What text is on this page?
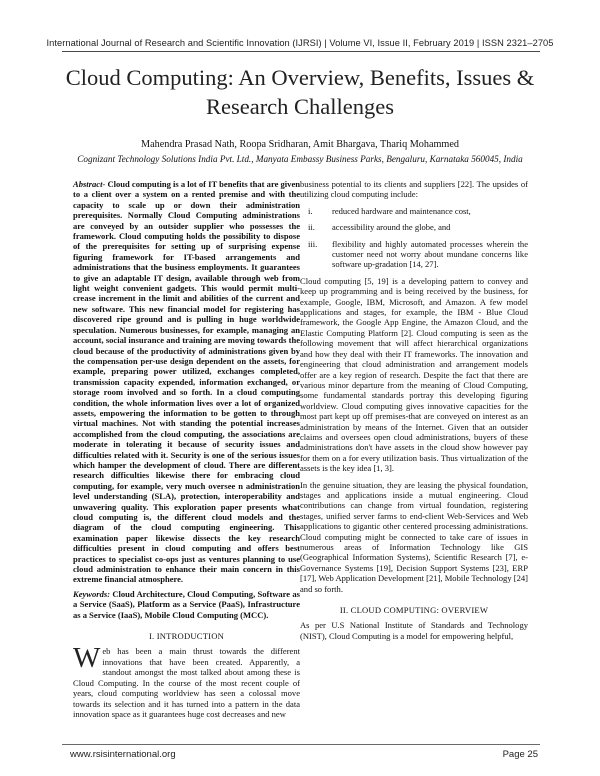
International Journal of Research and Scientific Innovation (IJRSI) | Volume VI, Issue II, February 2019 | ISSN 2321–2705
Cloud Computing: An Overview, Benefits, Issues &
Research Challenges
Mahendra Prasad Nath, Roopa Sridharan, Amit Bhargava, Thariq Mohammed
Cognizant Technology Solutions India Pvt. Ltd., Manyata Embassy Business Parks, Bengaluru, Karnataka 560045, India

Abstract- Cloud computing is a lot of IT benefits that are given to a client over a system on a rented premise and with the capacity to scale up or down their administration prerequisites. Normally Cloud Computing administrations are conveyed by an outsider supplier who possesses the framework. Cloud computing holds the possibility to dispose of the prerequisites for setting up of surprising expense figuring framework for IT-based arrangements and administrations that the business employments. It guarantees to give an adaptable IT design, available through web from light weight convenient gadgets. This would permit multi-crease increment in the limit and abilities of the current and new software. This new financial model for registering has discovered ripe ground and is pulling in huge worldwide speculation. Numerous businesses, for example, managing an account, social insurance and training are moving towards the cloud because of the productivity of administrations given by the compensation per-use design dependent on the assets, for example, preparing power utilized, exchanges completed, transmission capacity expended, information exchanged, or storage room involved and so forth. In a cloud computing condition, the whole information lives over a lot of organized assets, empowering the information to be gotten to through virtual machines. Not with standing the potential increases accomplished from the cloud computing, the associations are moderate in tolerating it because of security issues and difficulties related with it. Security is one of the serious issues which hamper the development of cloud. There are different research difficulties likewise there for embracing cloud computing, for example, very much oversee n administration level understanding (SLA), protection, interoperability and unwavering quality. This exploration paper presents what cloud computing is, the different cloud models and the diagram of the cloud computing engineering. This examination paper likewise dissects the key research difficulties present in cloud computing and offers best practices to specialist co-ops just as ventures planning to use cloud administration to enhance their main concern in this extreme financial atmosphere.

Keywords: Cloud Architecture, Cloud Computing, Software as a Service (SaaS), Platform as a Service (PaaS), Infrastructure as a Service (IaaS), Mobile Cloud Computing (MCC).

I. INTRODUCTION

Web has been a main thrust towards the different innovations that have been created. Apparently, a standout amongst the most talked about among these is Cloud Computing. In the course of the most recent couple of years, cloud computing worldview has seen a colossal move towards its selection and it has turned into a pattern in the data innovation space as it guarantees huge cost decreases and new

business potential to its clients and suppliers [22]. The upsides of utilizing cloud computing include:

i.	reduced hardware and maintenance cost,
ii.	accessibility around the globe, and
iii.	flexibility and highly automated processes wherein the customer need not worry about mundane concerns like software up-gradation [14, 27].

Cloud computing [5, 19] is a developing pattern to convey and keep up programming and is being received by the business, for example, Google, IBM, Microsoft, and Amazon. A few model applications and stages, for example, the IBM - Blue Cloud framework, the Google App Engine, the Amazon Cloud, and the Elastic Computing Platform [2]. Cloud computing is seen as the following movement that will affect hierarchical organizations and how they deal with their IT frameworks. The innovation and engineering that cloud administration and arrangement models offer are a key region of research. Despite the fact that there are various minor departure from the meaning of Cloud Computing, some fundamental standards portray this developing figuring worldview. Cloud computing gives innovative capacities for the most part kept up off premises-that are conveyed on interest as an administration by means of the Internet. Given that an outsider claims and oversees open cloud administrations, buyers of these administrations don't have assets in the cloud show however pay for them on a for every utilization basis. Thus virtualization of the assets is the key idea [1, 3].

In the genuine situation, they are leasing the physical foundation, stages and applications inside a mutual engineering. Cloud contributions can change from virtual foundation, registering stages, unified server farms to end-client Web-Services and Web applications to gigantic other centered processing administrations. Cloud computing might be connected to take care of issues in numerous areas of Information Technology like GIS (Geographical Information Systems), Scientific Research [7], e-Governance Systems [19], Decision Support Systems [23], ERP [17], Web Application Development [21], Mobile Technology [24] and so forth.

II. CLOUD COMPUTING: OVERVIEW

As per U.S National Institute of Standards and Technology (NIST), Cloud Computing is a model for empowering helpful,

www.rsisinternational.org	Page 25
